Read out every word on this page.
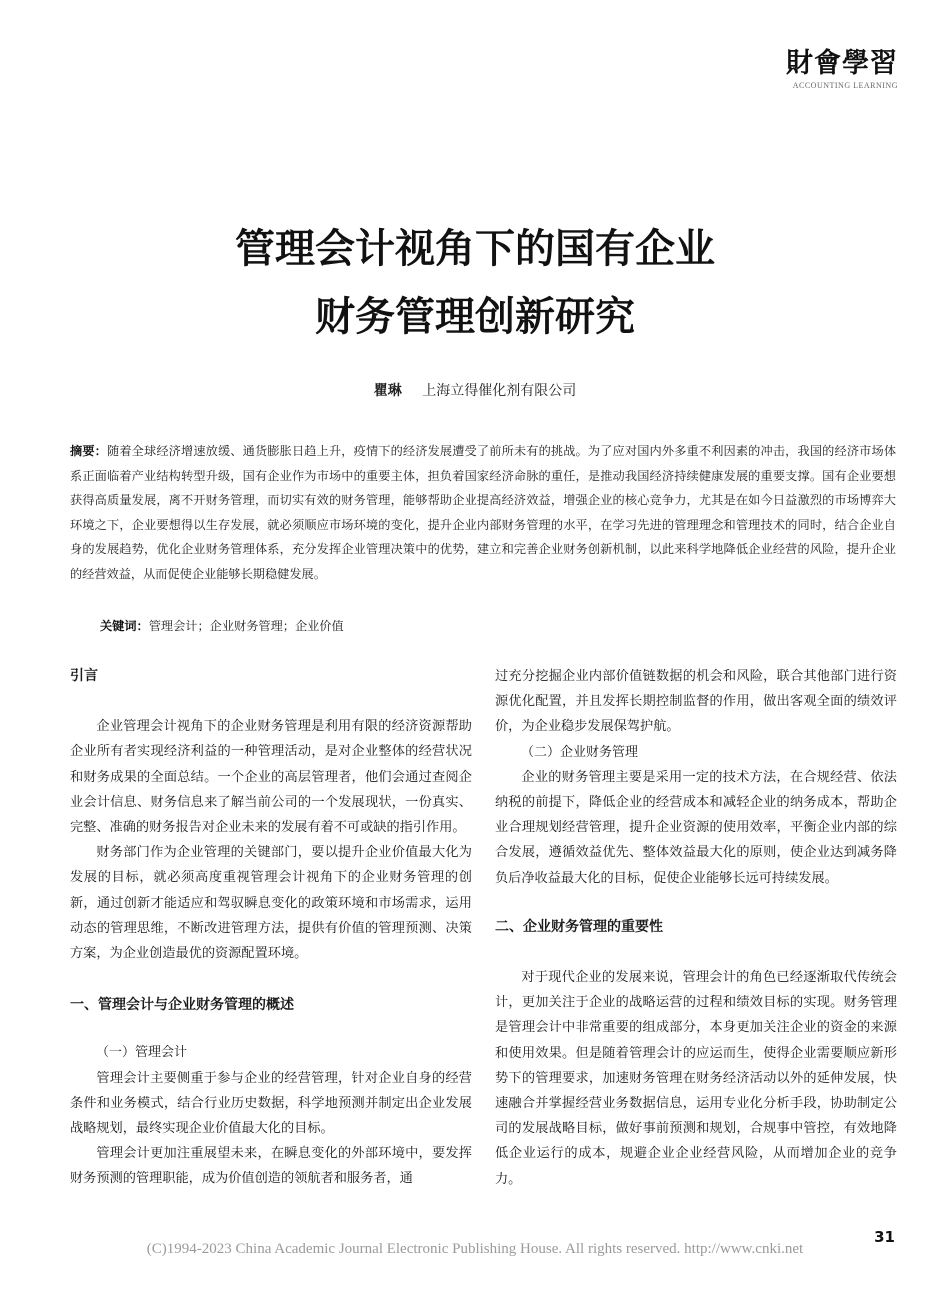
財會學習
ACCOUNTING LEARNING
管理会计视角下的国有企业
财务管理创新研究
瞿琳 上海立得催化剂有限公司
摘要：随着全球经济增速放缓、通货膨胀日趋上升，疫情下的经济发展遭受了前所未有的挑战。为了应对国内外多重不利因素的冲击，我国的经济市场体系正面临着产业结构转型升级，国有企业作为市场中的重要主体，担负着国家经济命脉的重任，是推动我国经济持续健康发展的重要支撑。国有企业要想获得高质量发展，离不开财务管理，而切实有效的财务管理，能够帮助企业提高经济效益，增强企业的核心竞争力，尤其是在如今日益激烈的市场博弈大环境之下，企业要想得以生存发展，就必须顺应市场环境的变化，提升企业内部财务管理的水平，在学习先进的管理理念和管理技术的同时，结合企业自身的发展趋势，优化企业财务管理体系，充分发挥企业管理决策中的优势，建立和完善企业财务创新机制，以此来科学地降低企业经营的风险，提升企业的经营效益，从而促使企业能够长期稳健发展。
关键词：管理会计；企业财务管理；企业价值
引言

企业管理会计视角下的企业财务管理是利用有限的经济资源帮助企业所有者实现经济利益的一种管理活动，是对企业整体的经营状况和财务成果的全面总结。一个企业的高层管理者，他们会通过查阅企业会计信息、财务信息来了解当前公司的一个发展现状，一份真实、完整、准确的财务报告对企业未来的发展有着不可或缺的指引作用。

财务部门作为企业管理的关键部门，要以提升企业价值最大化为发展的目标，就必须高度重视管理会计视角下的企业财务管理的创新，通过创新才能适应和驾驭瞬息变化的政策环境和市场需求，运用动态的管理思维，不断改进管理方法，提供有价值的管理预测、决策方案，为企业创造最优的资源配置环境。

一、管理会计与企业财务管理的概述

（一）管理会计

管理会计主要侧重于参与企业的经营管理，针对企业自身的经营条件和业务模式，结合行业历史数据，科学地预测并制定出企业发展战略规划，最终实现企业价值最大化的目标。

管理会计更加注重展望未来，在瞬息变化的外部环境中，要发挥财务预测的管理职能，成为价值创造的领航者和服务者，通

过充分挖掘企业内部价值链数据的机会和风险，联合其他部门进行资源优化配置，并且发挥长期控制监督的作用，做出客观全面的绩效评价，为企业稳步发展保驾护航。

（二）企业财务管理

企业的财务管理主要是采用一定的技术方法，在合规经营、依法纳税的前提下，降低企业的经营成本和减轻企业的纳务成本，帮助企业合理规划经营管理，提升企业资源的使用效率，平衡企业内部的综合发展，遵循效益优先、整体效益最大化的原则，使企业达到减务降负后净收益最大化的目标，促使企业能够长远可持续发展。

二、企业财务管理的重要性

对于现代企业的发展来说，管理会计的角色已经逐渐取代传统会计，更加关注于企业的战略运营的过程和绩效目标的实现。财务管理是管理会计中非常重要的组成部分，本身更加关注企业的资金的来源和使用效果。但是随着管理会计的应运而生，使得企业需要顺应新形势下的管理要求，加速财务管理在财务经济活动以外的延伸发展，快速融合并掌握经营业务数据信息，运用专业化分析手段，协助制定公司的发展战略目标，做好事前预测和规划，合规事中管控，有效地降低企业运行的成本，规避企业企业经营风险，从而增加企业的竞争力。

31
(C)1994-2023 China Academic Journal Electronic Publishing House. All rights reserved. http://www.cnki.net
